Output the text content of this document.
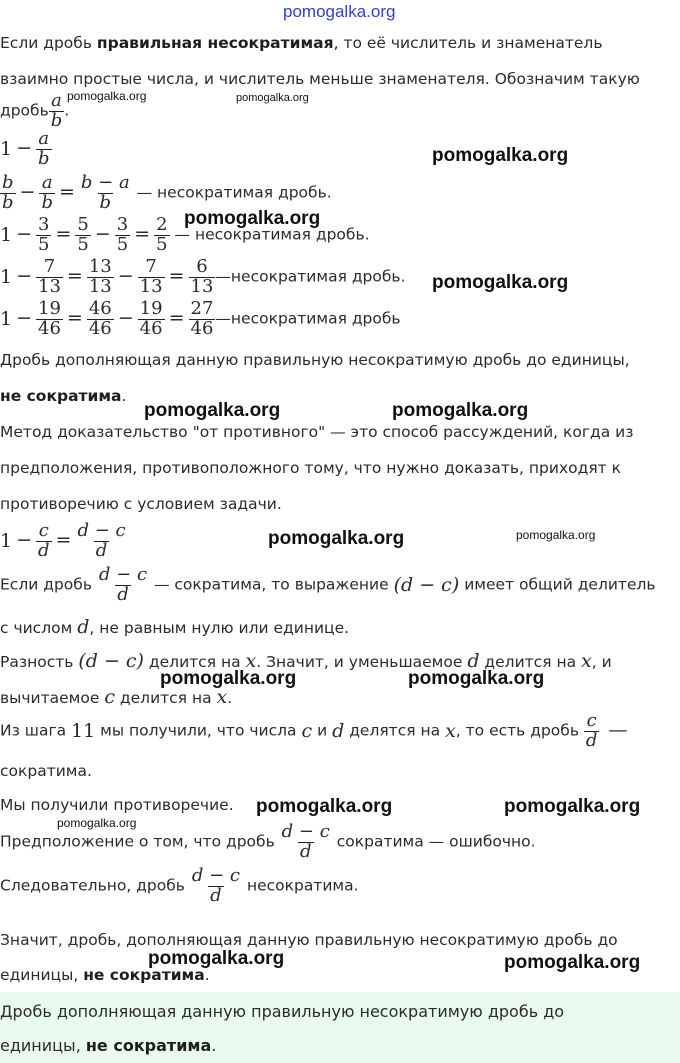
pomogalka.org
Если дробь правильная несократимая, то её числитель и знаменатель
взаимно простые числа, и числитель меньше знаменателя. Обозначим такую
дробь $\frac{a}{b}$ .
$1 - \frac{a}{b}$
$\frac{b}{b} - \frac{a}{b} = \frac{b - a}{b}$ — несократимая дробь.
$1 - \frac{3}{5} = \frac{5}{5} - \frac{3}{5} = \frac{2}{5}$ — несократимая дробь.
$1 - \frac{7}{13} = \frac{13}{13} - \frac{7}{13} = \frac{6}{13}$ —несократимая дробь.
$1 - \frac{19}{46} = \frac{46}{46} - \frac{19}{46} = \frac{27}{46}$ —несократимая дробь
Дробь дополняющая данную правильную несократимую дробь до единицы,
не сократима.
Метод доказательство "от противного" — это способ рассуждений, когда из
предположения, противоположного тому, что нужно доказать, приходят к
противоречию с условием задачи.
$1 - \frac{c}{d} = \frac{d - c}{d}$
Если дробь $\frac{d - c}{d}$ — сократима, то выражение (d − c) имеет общий делитель
с числом d, не равным нулю или единице.
Разность (d − c) делится на x. Значит, и уменьшаемое d делится на x, и
вычитаемое c делится на x.
Из шага 11 мы получили, что числа c и d делятся на x, то есть дробь $\frac{c}{d}$ —
сократима.
Мы получили противоречие.
Предположение о том, что дробь $\frac{d - c}{d}$ сократима — ошибочно.
Следовательно, дробь $\frac{d - c}{d}$ несократима.
Значит, дробь, дополняющая данную правильную несократимую дробь до
единицы, не сократима.
Дробь дополняющая данную правильную несократимую дробь до
единицы, не сократима.
pomogalka.org	pomogalka.org
pomogalka.org
pomogalka.org
pomogalka.org
pomogalka.org	pomogalka.org
pomogalka.org	pomogalka.org
pomogalka.org	pomogalka.org
pomogalka.org	pomogalka.org
pomogalka.org
pomogalka.org	pomogalka.org
